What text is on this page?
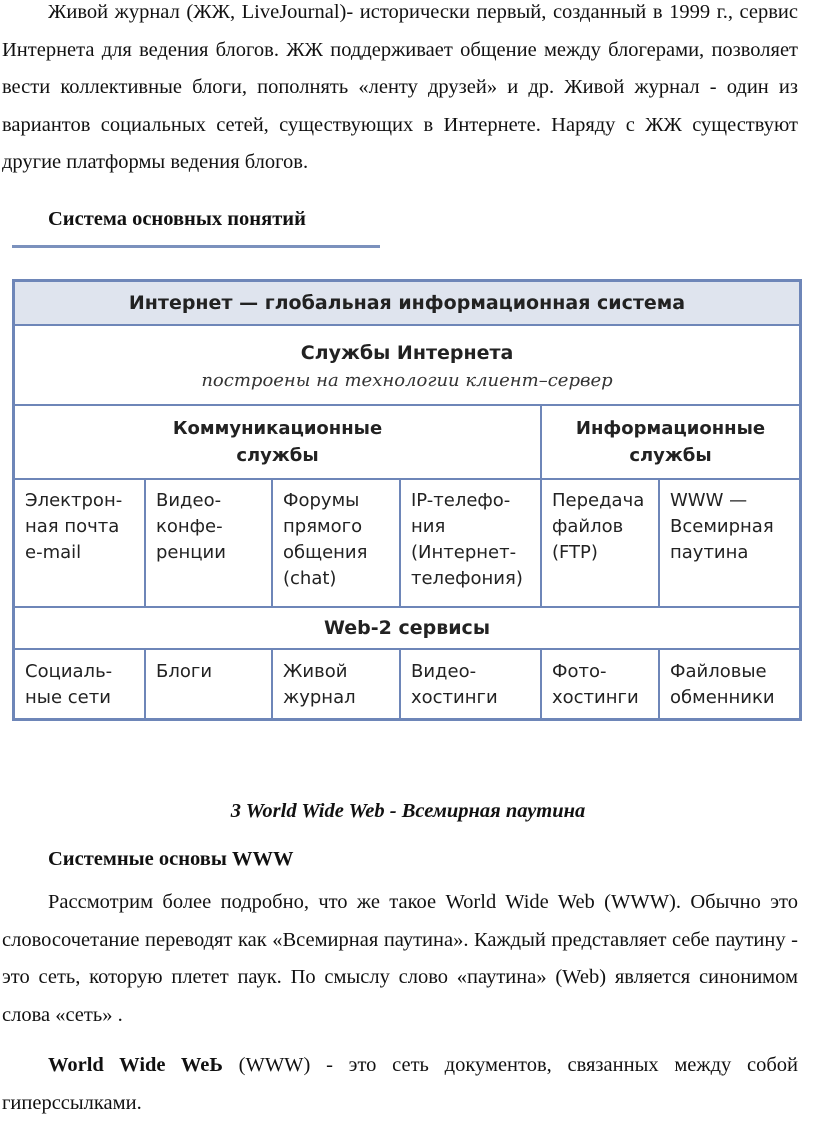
Живой журнал (ЖЖ, LiveJournal)- исторически первый, созданный в 1999 г., сервис Интернета для ведения блогов. ЖЖ поддерживает общение между блогерами, позволяет вести коллективные блоги, пополнять «ленту друзей» и др. Живой журнал - один из вариантов социальных сетей, существующих в Интернете. Наряду с ЖЖ существуют другие платформы ведения блогов.

Система основных понятий
Интернет — глобальная информационная система
Службы Интернета
построены на технологии клиент–сервер
Коммуникационные службы
Информационные службы
Электрон-ная почта e-mail
Видео-конфе-ренции
Форумы прямого общения (chat)
IP-телефо-ния (Интернет-телефония)
Передача файлов (FTP)
WWW — Всемирная паутина
Web-2 сервисы
Социаль-ные сети
Блоги	Живой журнал
Видео-хостинги
Фото-хостинги
Файловые обменники
3 World Wide Web - Всемирная паутина
Системные основы WWW

Рассмотрим более подробно, что же такое World Wide Web (WWW). Обычно это словосочетание переводят как «Всемирная паутина». Каждый представляет себе паутину - это сеть, которую плетет паук. По смыслу слово «паутина» (Web) является синонимом слова «сеть» .

World Wide WeЬ (WWW) - это сеть документов, связанных между собой гиперссылками.
